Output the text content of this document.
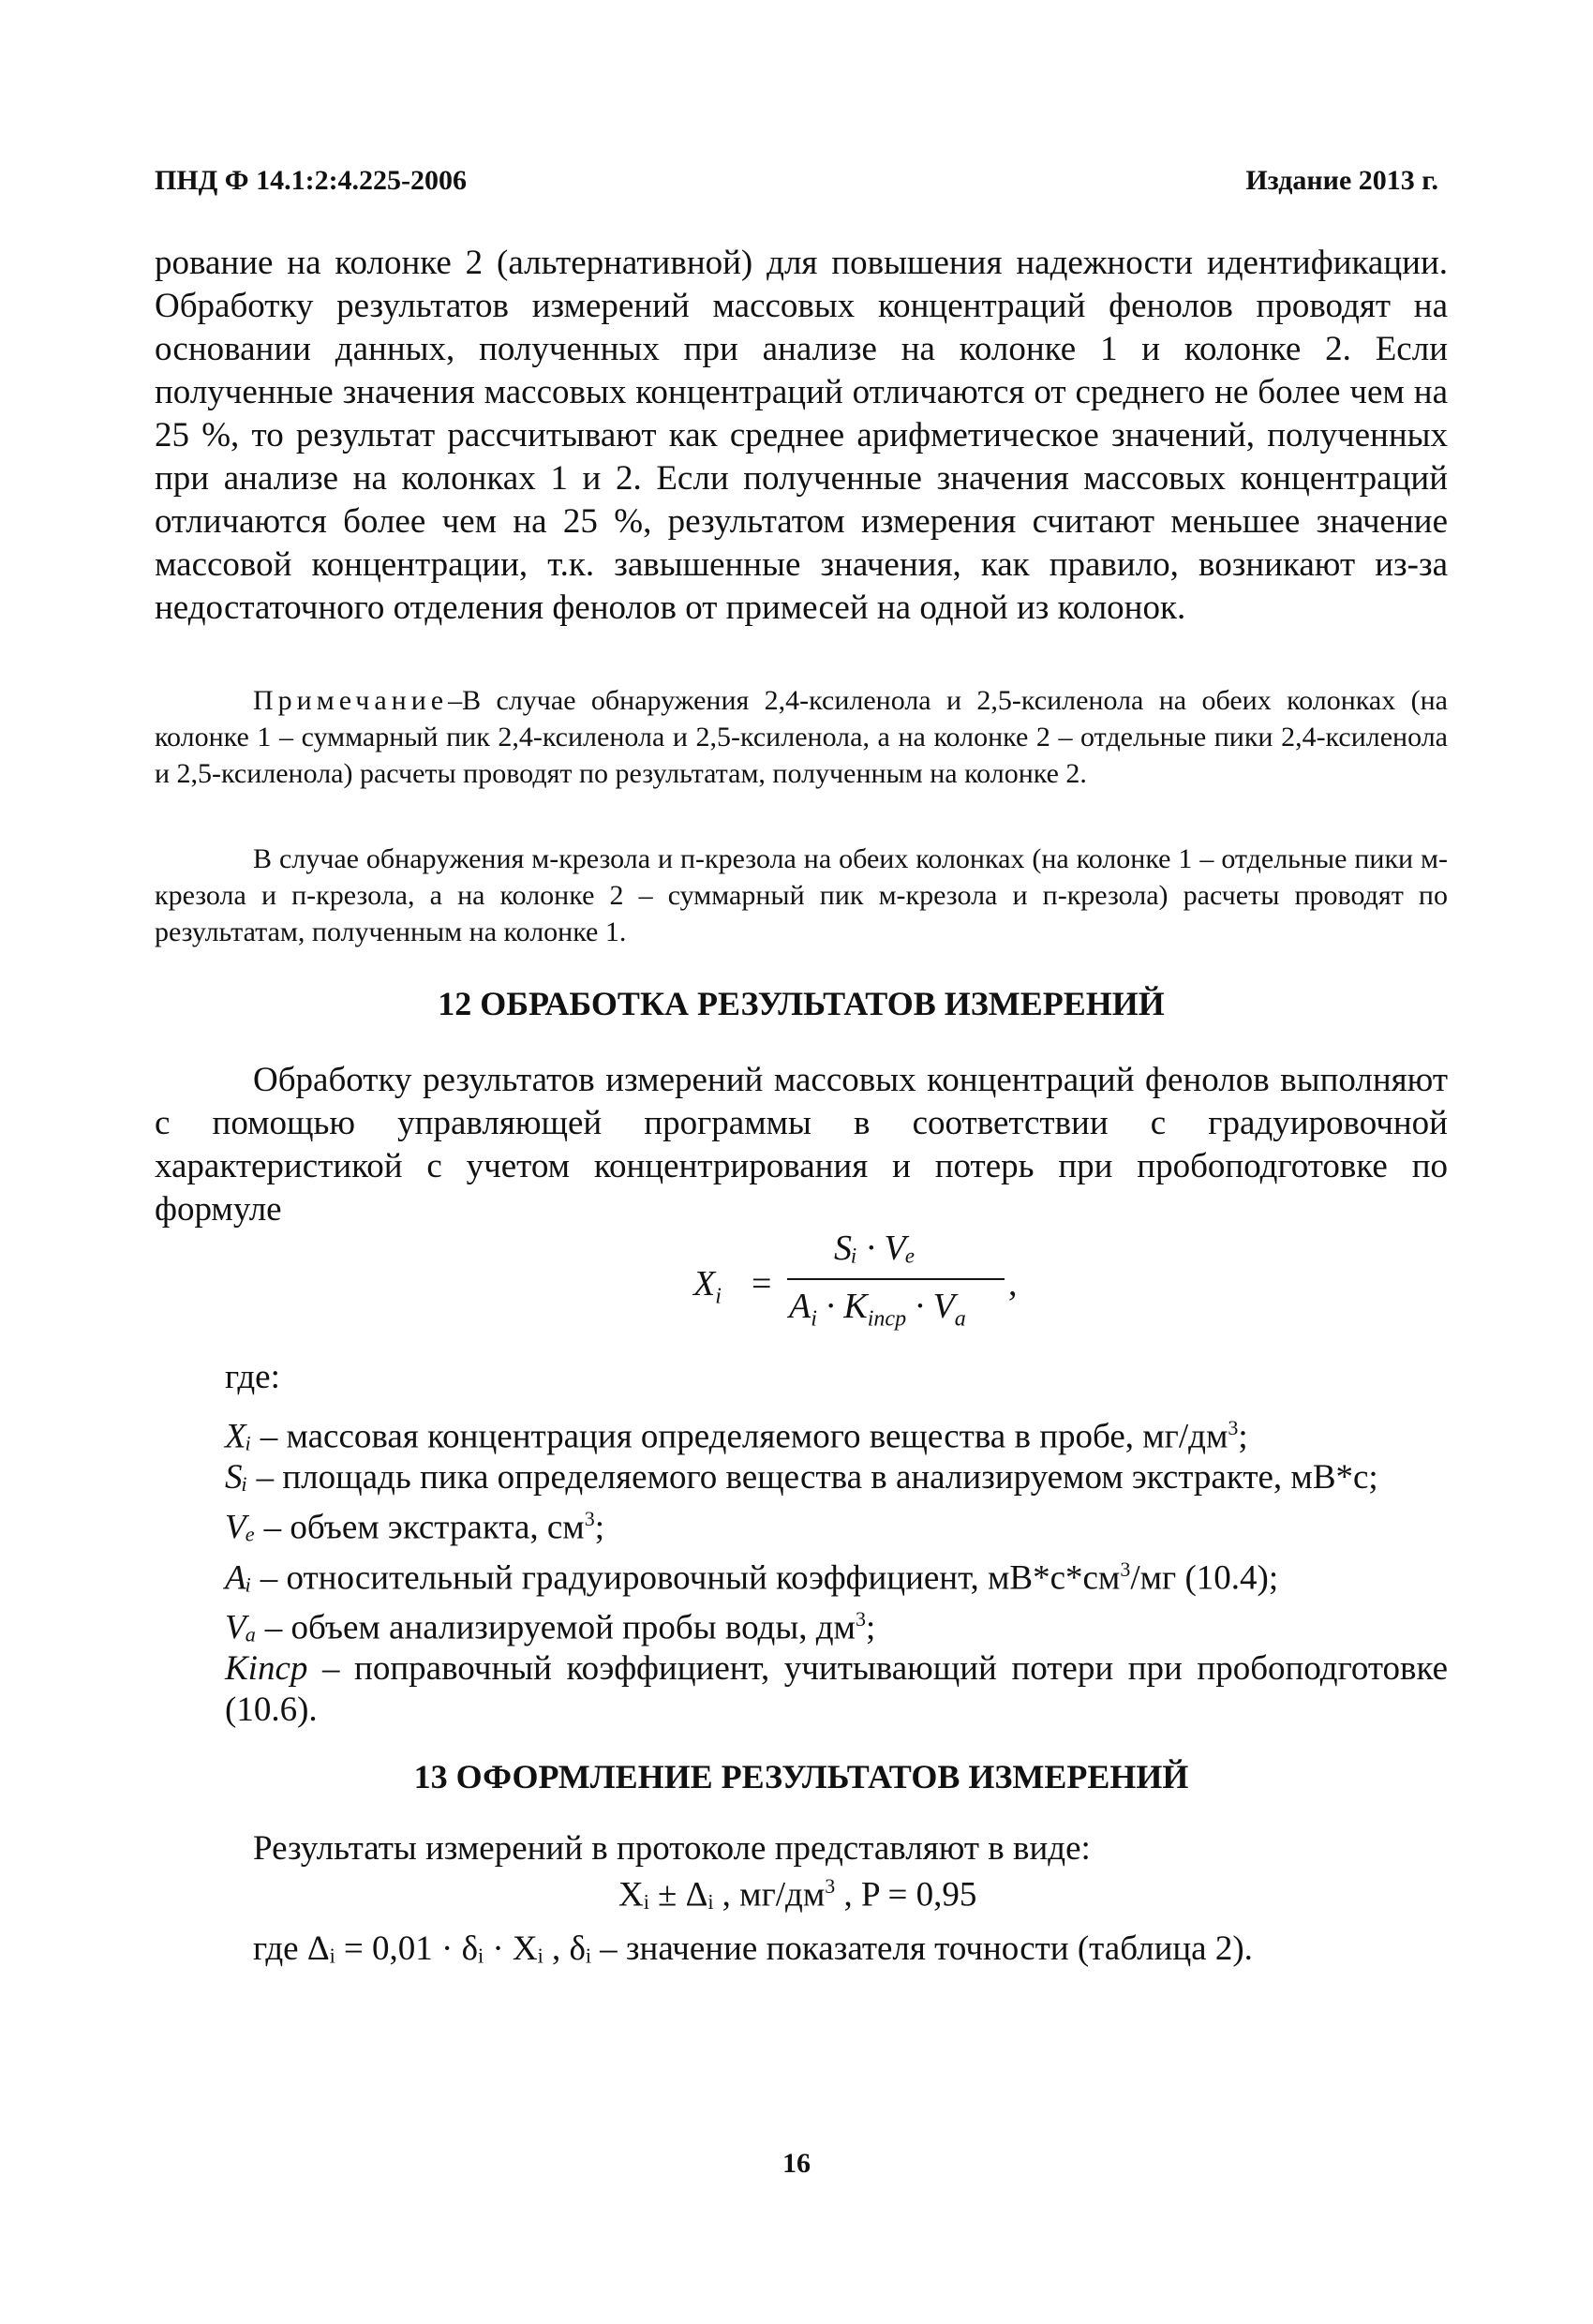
ПНД Ф 14.1:2:4.225-2006	Издание 2013 г.

рование на колонке 2 (альтернативной) для повышения надежности идентификации. Обработку результатов измерений массовых концентраций фенолов проводят на основании данных, полученных при анализе на колонке 1 и колонке 2. Если полученные значения массовых концентраций отличаются от среднего не более чем на 25 %, то результат рассчитывают как среднее арифметическое значений, полученных при анализе на колонках 1 и 2. Если полученные значения массовых концентраций отличаются более чем на 25 %, результатом измерения считают меньшее значение массовой концентрации, т.к. завышенные значения, как правило, возникают из-за недостаточного отделения фенолов от примесей на одной из колонок.

Примечание–В случае обнаружения 2,4-ксиленола и 2,5-ксиленола на обеих колонках (на колонке 1 – суммарный пик 2,4-ксиленола и 2,5-ксиленола, а на колонке 2 – отдельные пики 2,4-ксиленола и 2,5-ксиленола) расчеты проводят по результатам, полученным на колонке 2.

В случае обнаружения м-крезола и п-крезола на обеих колонках (на колонке 1 – отдельные пики м-крезола и п-крезола, а на колонке 2 – суммарный пик м-крезола и п-крезола) расчеты проводят по результатам, полученным на колонке 1.

12 ОБРАБОТКА РЕЗУЛЬТАТОВ ИЗМЕРЕНИЙ

Обработку результатов измерений массовых концентраций фенолов выполняют с помощью управляющей программы в соответствии с градуировочной характеристикой с учетом концентрирования и потерь при пробоподготовке по формуле

$X_i$ =
Sᵢ · Vₑ
$A_i \cdot K_{incp} \cdot V_a$
,

где:

Xᵢ – массовая концентрация определяемого вещества в пробе, $мг/дм^3$;

Sᵢ – площадь пика определяемого вещества в анализируемом экстракте, мВ*с;

Vₑ – объем экстракта, $см^3$;

Aᵢ – относительный градуировочный коэффициент, $мВ*с*см^3/мг$ (10.4);

Vₐ – объем анализируемой пробы воды, $дм^3$;

Kincp – поправочный коэффициент, учитывающий потери при пробоподготовке (10.6).

13 ОФОРМЛЕНИЕ РЕЗУЛЬТАТОВ ИЗМЕРЕНИЙ
Результаты измерений в протоколе представляют в виде:
Xᵢ ± Δᵢ , $мг/дм^3$ , P = 0,95
где Δᵢ = 0,01 · δᵢ · Xᵢ , δᵢ – значение показателя точности (таблица 2).
16
